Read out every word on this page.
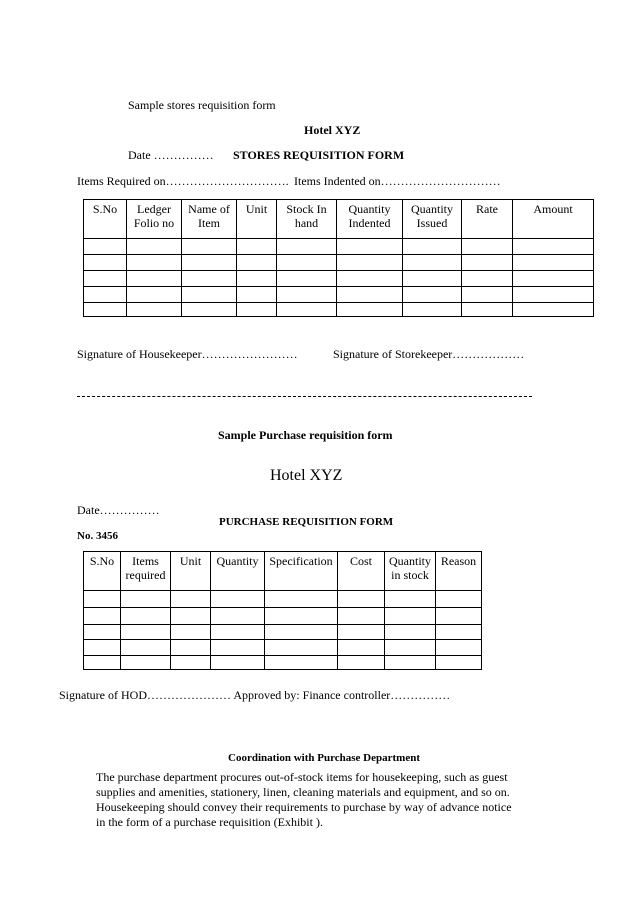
Sample stores requisition form
Hotel XYZ
Date …………… STORES REQUISITION FORM
Items Required on…………………………. Items Indented on…………………………
S.No	Ledger Folio no	Name of Item	Unit	Stock In hand	Quantity Indented	Quantity Issued	Rate	Amount

Signature of Housekeeper……………………	Signature of Storekeeper………………
Sample Purchase requisition form
Hotel XYZ
Date……………
PURCHASE REQUISITION FORM
No. 3456
S.No	Items required	Unit	Quantity	Specification	Cost	Quantity in stock	Reason

Signature of HOD………………… Approved by: Finance controller……………
Coordination with Purchase Department
The purchase department procures out-of-stock items for housekeeping, such as guest
supplies and amenities, stationery, linen, cleaning materials and equipment, and so on.
Housekeeping should convey their requirements to purchase by way of advance notice
in the form of a purchase requisition (Exhibit ).
